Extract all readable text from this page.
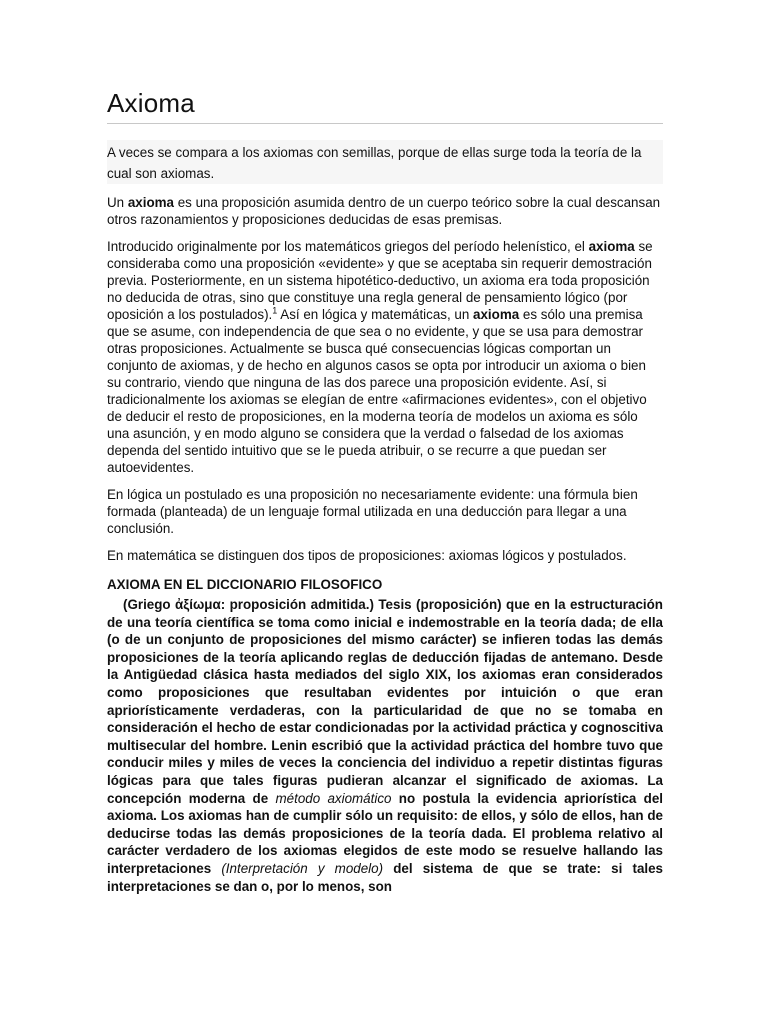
Axioma
A veces se compara a los axiomas con semillas, porque de ellas surge toda la teoría de la cual son axiomas.

Un axioma es una proposición asumida dentro de un cuerpo teórico sobre la cual descansan otros razonamientos y proposiciones deducidas de esas premisas.

Introducido originalmente por los matemáticos griegos del período helenístico, el axioma se consideraba como una proposición «evidente» y que se aceptaba sin requerir demostración previa. Posteriormente, en un sistema hipotético-deductivo, un axioma era toda proposición no deducida de otras, sino que constituye una regla general de pensamiento lógico (por oposición a los postulados).$^1$ Así en lógica y matemáticas, un axioma es sólo una premisa que se asume, con independencia de que sea o no evidente, y que se usa para demostrar otras proposiciones. Actualmente se busca qué consecuencias lógicas comportan un conjunto de axiomas, y de hecho en algunos casos se opta por introducir un axioma o bien su contrario, viendo que ninguna de las dos parece una proposición evidente. Así, si tradicionalmente los axiomas se elegían de entre «afirmaciones evidentes», con el objetivo de deducir el resto de proposiciones, en la moderna teoría de modelos un axioma es sólo una asunción, y en modo alguno se considera que la verdad o falsedad de los axiomas dependa del sentido intuitivo que se le pueda atribuir, o se recurre a que puedan ser autoevidentes.

En lógica un postulado es una proposición no necesariamente evidente: una fórmula bien formada (planteada) de un lenguaje formal utilizada en una deducción para llegar a una conclusión.

En matemática se distinguen dos tipos de proposiciones: axiomas lógicos y postulados.

AXIOMA EN EL DICCIONARIO FILOSOFICO

(Griego ἀξίωμα: proposición admitida.) Tesis (proposición) que en la estructuración de una teoría científica se toma como inicial e indemostrable en la teoría dada; de ella (o de un conjunto de proposiciones del mismo carácter) se infieren todas las demás proposiciones de la teoría aplicando reglas de deducción fijadas de antemano. Desde la Antigüedad clásica hasta mediados del siglo XIX, los axiomas eran considerados como proposiciones que resultaban evidentes por intuición o que eran apriorísticamente verdaderas, con la particularidad de que no se tomaba en consideración el hecho de estar condicionadas por la actividad práctica y cognoscitiva multisecular del hombre. Lenin escribió que la actividad práctica del hombre tuvo que conducir miles y miles de veces la conciencia del individuo a repetir distintas figuras lógicas para que tales figuras pudieran alcanzar el significado de axiomas. La concepción moderna de método axiomático no postula la evidencia apriorística del axioma. Los axiomas han de cumplir sólo un requisito: de ellos, y sólo de ellos, han de deducirse todas las demás proposiciones de la teoría dada. El problema relativo al carácter verdadero de los axiomas elegidos de este modo se resuelve hallando las interpretaciones (Interpretación y modelo) del sistema de que se trate: si tales interpretaciones se dan o, por lo menos, son
